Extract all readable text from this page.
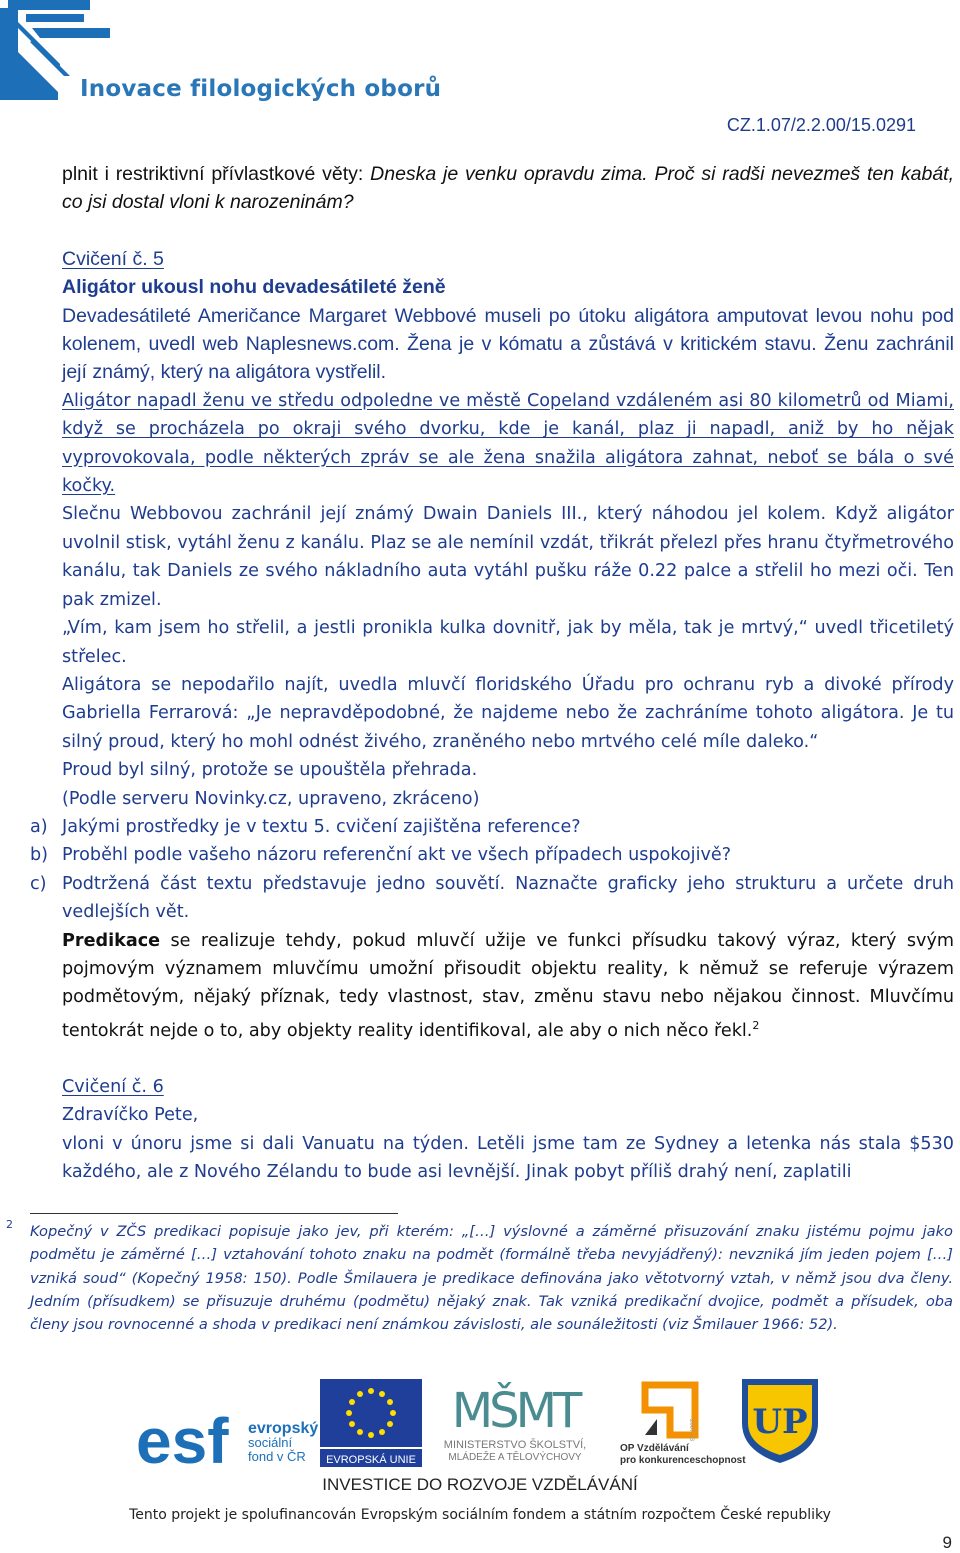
Inovace filologických oborů
CZ.1.07/2.2.00/15.0291
plnit i restriktivní přívlastkové věty: Dneska je venku opravdu zima. Proč si radši nevezmeš ten kabát, co jsi dostal vloni k narozeninám?
Cvičení č. 5
Aligátor ukousl nohu devadesátileté ženě
Devadesátileté Američance Margaret Webbové museli po útoku aligátora amputovat levou nohu pod kolenem, uvedl web Naplesnews.com. Žena je v kómatu a zůstává v kritickém stavu. Ženu zachránil její známý, který na aligátora vystřelil.
Aligátor napadl ženu ve středu odpoledne ve městě Copeland vzdáleném asi 80 kilometrů od Miami, když se procházela po okraji svého dvorku, kde je kanál, plaz ji napadl, aniž by ho nějak vyprovokovala, podle některých zpráv se ale žena snažila aligátora zahnat, neboť se bála o své kočky.
Slečnu Webbovou zachránil její známý Dwain Daniels III., který náhodou jel kolem. Když aligátor uvolnil stisk, vytáhl ženu z kanálu. Plaz se ale nemínil vzdát, třikrát přelezl přes hranu čtyřmetrového kanálu, tak Daniels ze svého nákladního auta vytáhl pušku ráže 0.22 palce a střelil ho mezi oči. Ten pak zmizel.
„Vím, kam jsem ho střelil, a jestli pronikla kulka dovnitř, jak by měla, tak je mrtvý,“ uvedl třicetiletý střelec.
Aligátora se nepodařilo najít, uvedla mluvčí floridského Úřadu pro ochranu ryb a divoké přírody Gabriella Ferrarová: „Je nepravděpodobné, že najdeme nebo že zachráníme tohoto aligátora. Je tu silný proud, který ho mohl odnést živého, zraněného nebo mrtvého celé míle daleko.“
Proud byl silný, protože se upouštěla přehrada.
(Podle serveru Novinky.cz, upraveno, zkráceno)
a) Jakými prostředky je v textu 5. cvičení zajištěna reference?
b) Proběhl podle vašeho názoru referenční akt ve všech případech uspokojivě?
c) Podtržená část textu představuje jedno souvětí. Naznačte graficky jeho strukturu a určete druh vedlejších vět.
Predikace se realizuje tehdy, pokud mluvčí užije ve funkci přísudku takový výraz, který svým pojmovým významem mluvčímu umožní přisoudit objektu reality, k němuž se referuje výrazem podmětovým, nějaký příznak, tedy vlastnost, stav, změnu stavu nebo nějakou činnost. Mluvčímu tentokrát nejde o to, aby objekty reality identifikoval, ale aby o nich něco řekl.$^2$
Cvičení č. 6
Zdravíčko Pete,
vloni v únoru jsme si dali Vanuatu na týden. Letěli jsme tam ze Sydney a letenka nás stala $530 každého, ale z Nového Zélandu to bude asi levnější. Jinak pobyt příliš drahý není, zaplatili
2 Kopečný v ZČS predikaci popisuje jako jev, při kterém: „[…] výslovné a záměrné přisuzování znaku jistému pojmu jako podmětu je záměrné […] vztahování tohoto znaku na podmět (formálně třeba nevyjádřený): nevzniká jím jeden pojem […] vzniká soud“ (Kopečný 1958: 150). Podle Šmilauera je predikace definována jako větotvorný vztah, v němž jsou dva členy. Jedním (přísudkem) se přisuzuje druhému (podmětu) nějaký znak. Tak vzniká predikační dvojice, podmět a přísudek, oba členy jsou rovnocenné a shoda v predikaci není známkou závislosti, ale sounáležitosti (viz Šmilauer 1966: 52).
esf evropský
sociální
fond v ČR EVROPSKÁ UNIE
MŠMT
MINISTERSTVO ŠKOLSTVÍ,
MLÁDEŽE A TĚLOVÝCHOVY
2007-13
OP Vzdělávání
pro konkurenceschopnost
UP
INVESTICE DO ROZVOJE VZDĚLÁVÁNÍ
Tento projekt je spolufinancován Evropským sociálním fondem a státním rozpočtem České republiky
9
